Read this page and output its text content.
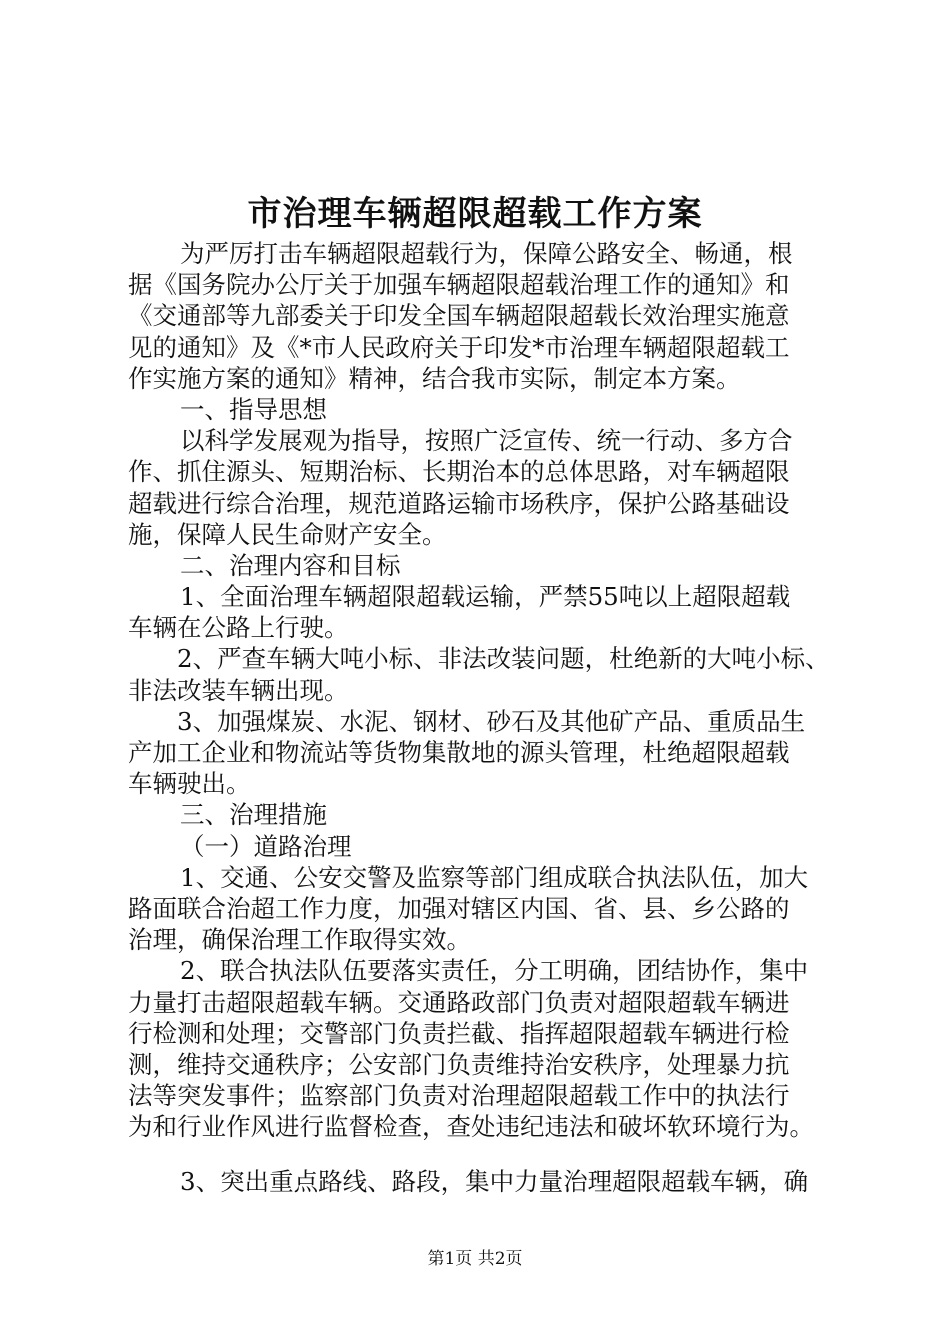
市治理车辆超限超载工作方案

为严厉打击车辆超限超载行为，保障公路安全、畅通，根

据《国务院办公厅关于加强车辆超限超载治理工作的通知》和

《交通部等九部委关于印发全国车辆超限超载长效治理实施意

见的通知》及《*市人民政府关于印发*市治理车辆超限超载工

作实施方案的通知》精神，结合我市实际，制定本方案。

一、指导思想

以科学发展观为指导，按照广泛宣传、统一行动、多方合

作、抓住源头、短期治标、长期治本的总体思路，对车辆超限

超载进行综合治理，规范道路运输市场秩序，保护公路基础设

施，保障人民生命财产安全。

二、治理内容和目标

1、全面治理车辆超限超载运输，严禁55吨以上超限超载

车辆在公路上行驶。

2、严查车辆大吨小标、非法改装问题，杜绝新的大吨小标、

非法改装车辆出现。

3、加强煤炭、水泥、钢材、砂石及其他矿产品、重质品生

产加工企业和物流站等货物集散地的源头管理，杜绝超限超载

车辆驶出。

三、治理措施

（一）道路治理

1、交通、公安交警及监察等部门组成联合执法队伍，加大

路面联合治超工作力度，加强对辖区内国、省、县、乡公路的

治理，确保治理工作取得实效。

2、联合执法队伍要落实责任，分工明确，团结协作，集中

力量打击超限超载车辆。交通路政部门负责对超限超载车辆进

行检测和处理；交警部门负责拦截、指挥超限超载车辆进行检

测，维持交通秩序；公安部门负责维持治安秩序，处理暴力抗

法等突发事件；监察部门负责对治理超限超载工作中的执法行

为和行业作风进行监督检查，查处违纪违法和破坏软环境行为。

3、突出重点路线、路段，集中力量治理超限超载车辆，确

第1页 共2页
